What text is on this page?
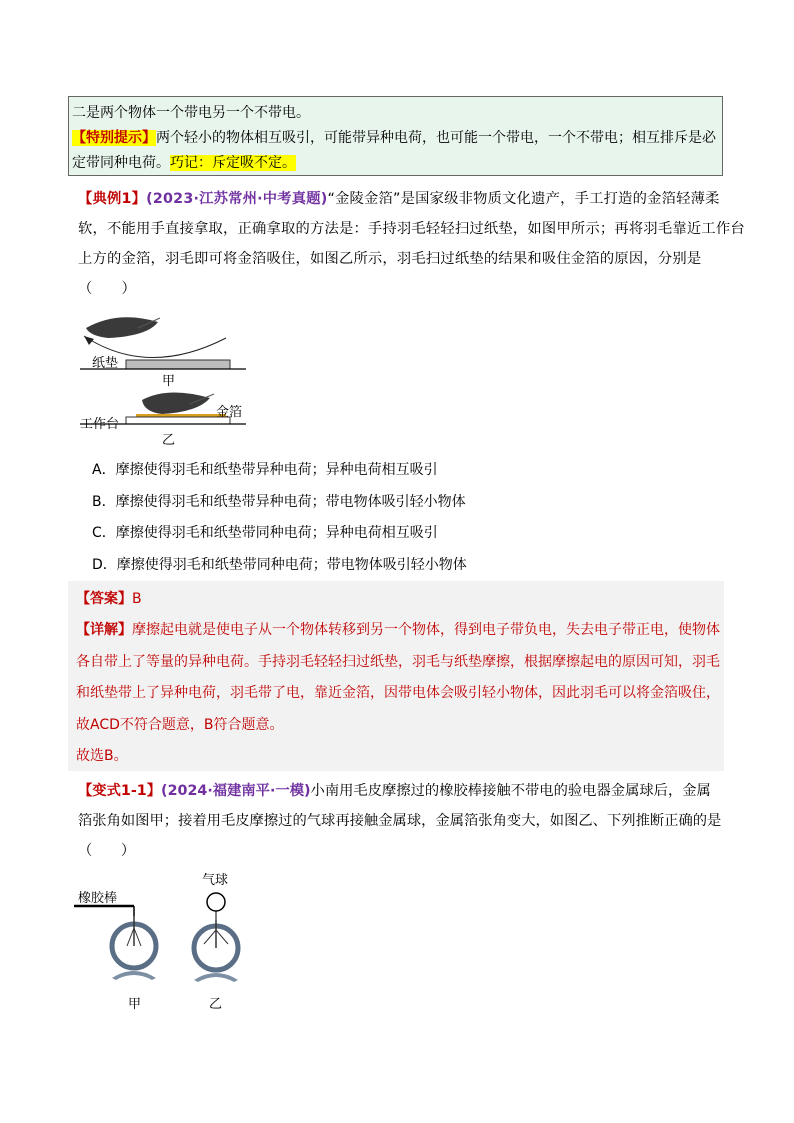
二是两个物体一个带电另一个不带电。
【特别提示】两个轻小的物体相互吸引，可能带异种电荷，也可能一个带电，一个不带电；相互排斥是必
定带同种电荷。巧记：斥定吸不定。
【典例1】(2023·江苏常州·中考真题)“金陵金箔”是国家级非物质文化遗产，手工打造的金箔轻薄柔
软，不能用手直接拿取，正确拿取的方法是：手持羽毛轻轻扫过纸垫，如图甲所示；再将羽毛靠近工作台
上方的金箔，羽毛即可将金箔吸住，如图乙所示，羽毛扫过纸垫的结果和吸住金箔的原因，分别是
（　　）
纸垫
甲
工作台
金箔
乙
A．摩擦使得羽毛和纸垫带异种电荷；异种电荷相互吸引
B．摩擦使得羽毛和纸垫带异种电荷；带电物体吸引轻小物体
C．摩擦使得羽毛和纸垫带同种电荷；异种电荷相互吸引
D．摩擦使得羽毛和纸垫带同种电荷；带电物体吸引轻小物体
【答案】B
【详解】摩擦起电就是使电子从一个物体转移到另一个物体，得到电子带负电，失去电子带正电，使物体
各自带上了等量的异种电荷。手持羽毛轻轻扫过纸垫，羽毛与纸垫摩擦，根据摩擦起电的原因可知，羽毛
和纸垫带上了异种电荷，羽毛带了电，靠近金箔，因带电体会吸引轻小物体，因此羽毛可以将金箔吸住，
故ACD不符合题意，B符合题意。
故选B。
【变式1-1】(2024·福建南平·一模)小南用毛皮摩擦过的橡胶棒接触不带电的验电器金属球后，金属
箔张角如图甲；接着用毛皮摩擦过的气球再接触金属球，金属箔张角变大，如图乙、下列推断正确的是
（　　）
橡胶棒
甲
气球
乙
